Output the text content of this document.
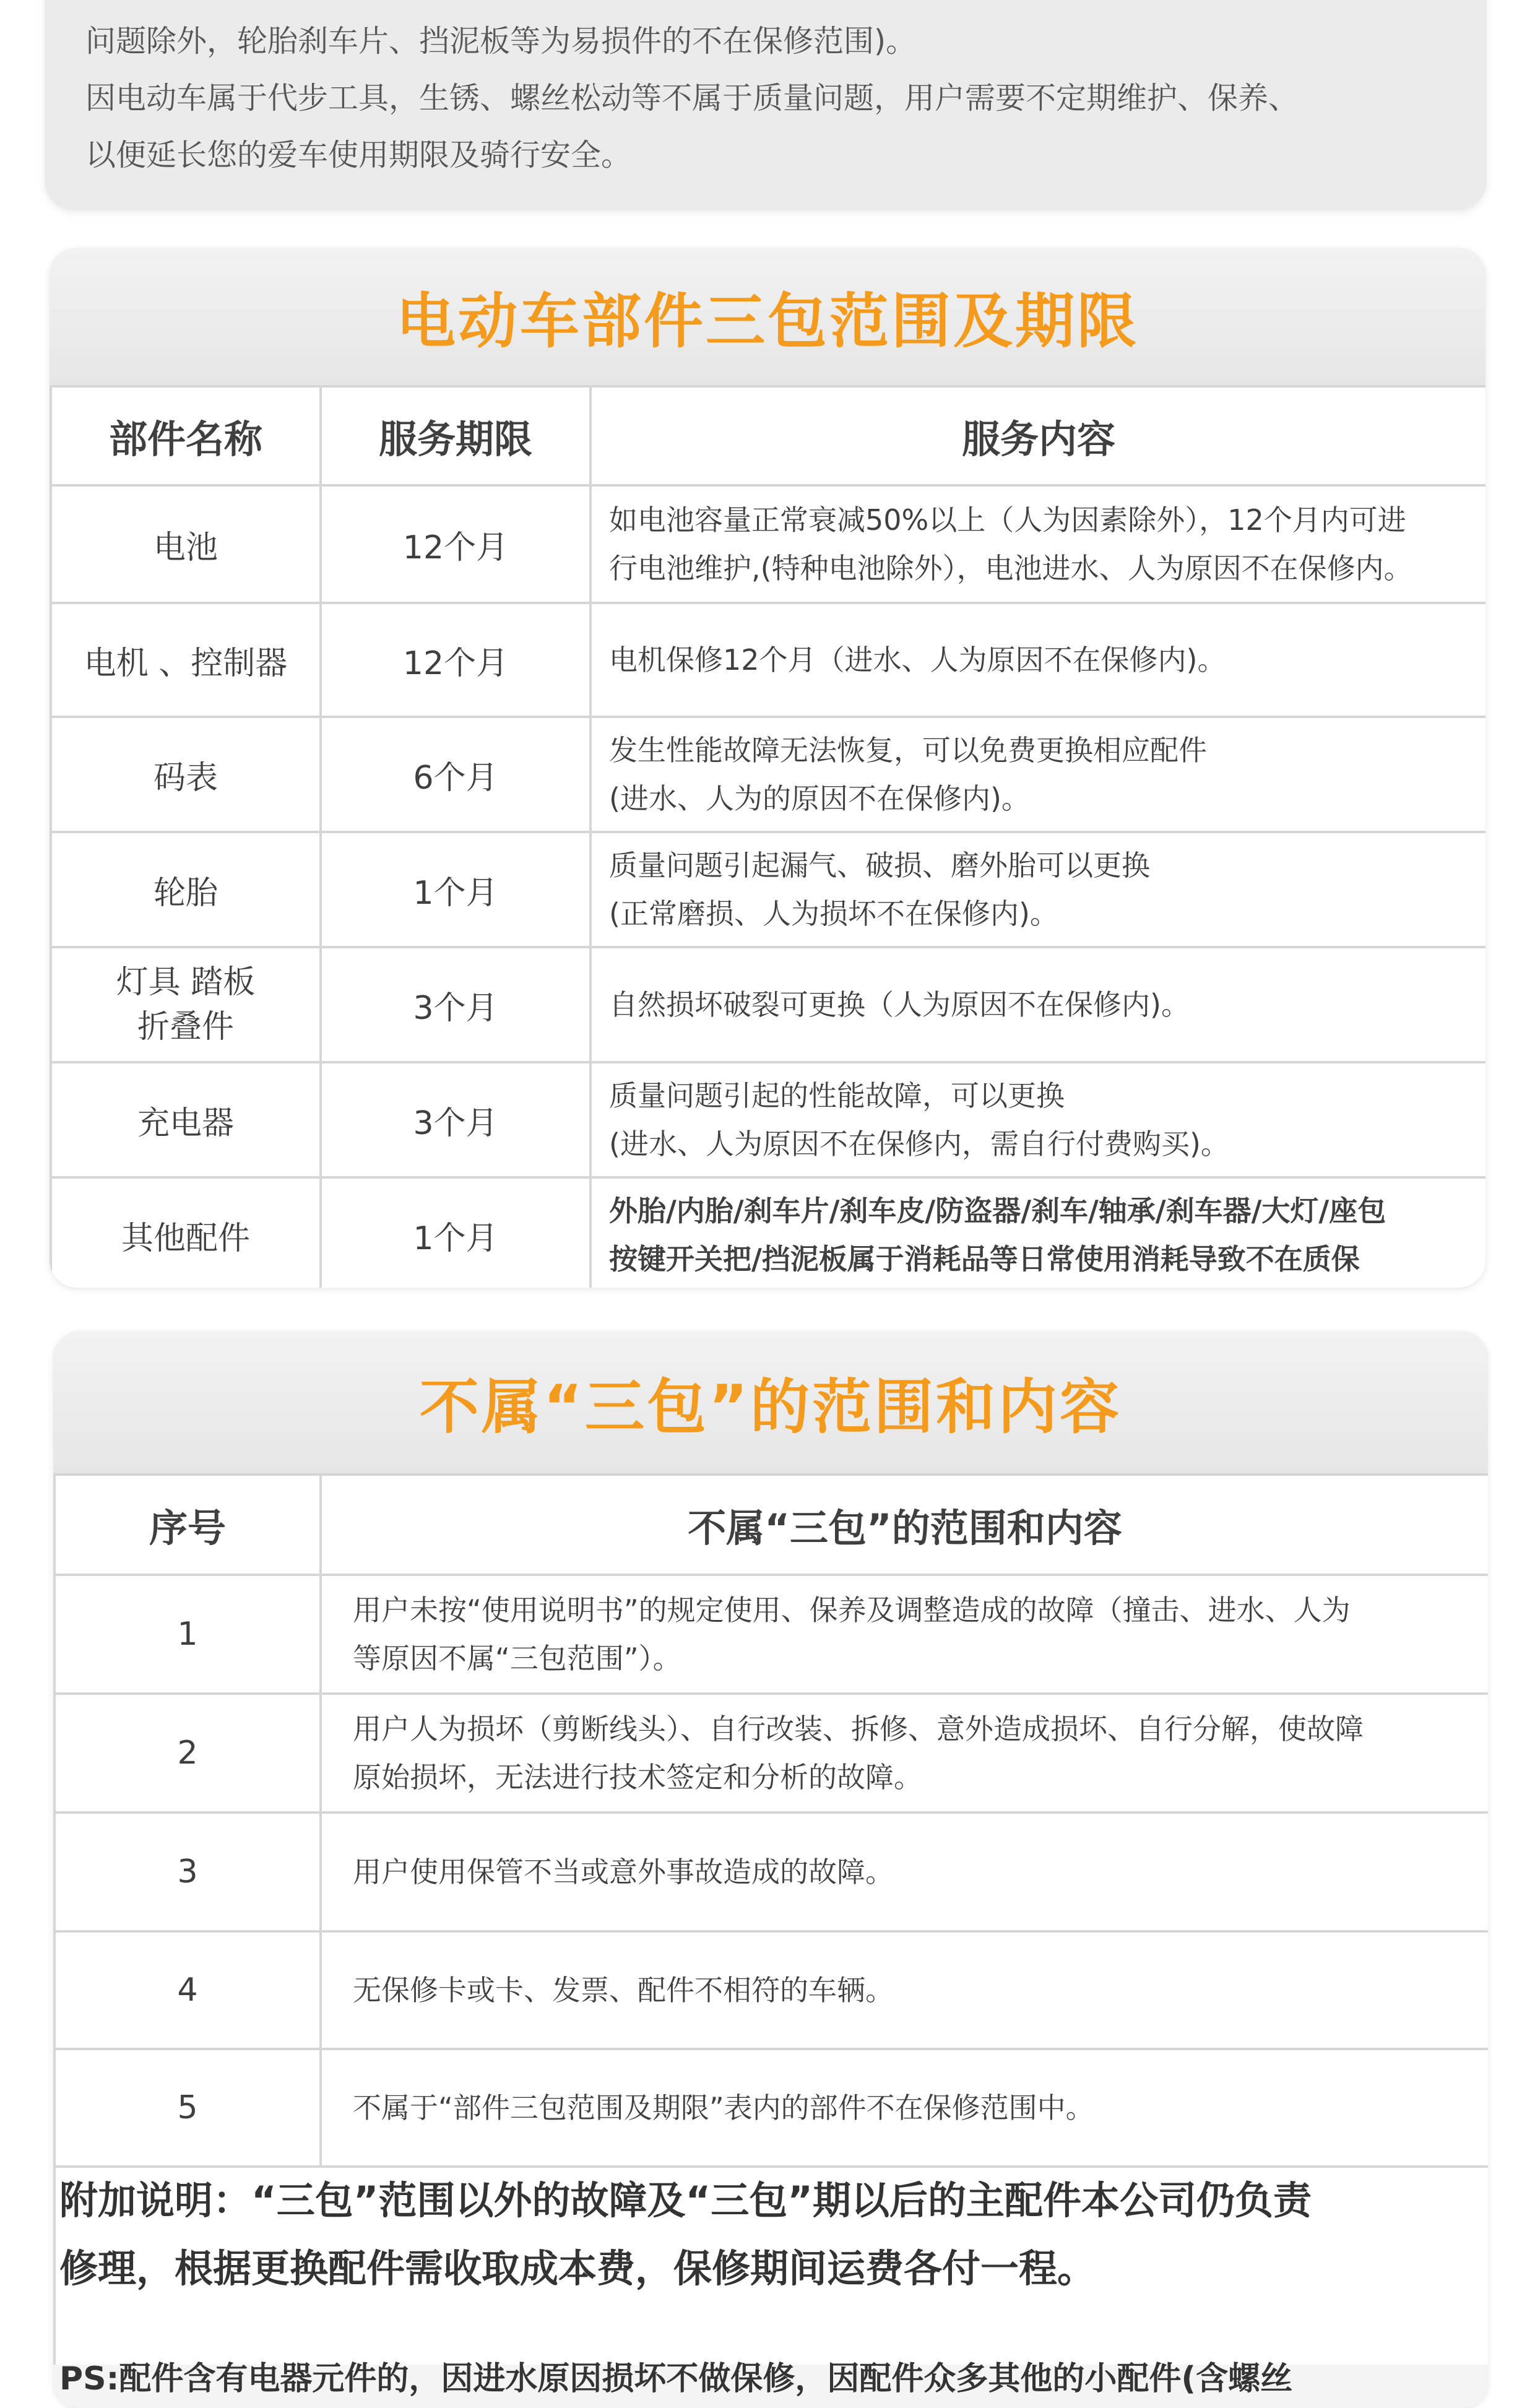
问题除外，轮胎刹车片、挡泥板等为易损件的不在保修范围)。

因电动车属于代步工具，生锈、螺丝松动等不属于质量问题，用户需要不定期维护、保养、

以便延长您的爱车使用期限及骑行安全。

电动车部件三包范围及期限
部件名称	服务期限	服务内容
电池	12个月	如电池容量正常衰减50%以上（人为因素除外），12个月内可进
行电池维护,(特种电池除外），电池进水、人为原因不在保修内。

电机 、控制器	12个月	电机保修12个月（进水、人为原因不在保修内)。

码表	6个月	发生性能故障无法恢复，可以免费更换相应配件
(进水、人为的原因不在保修内)。

轮胎	1个月	质量问题引起漏气、破损、磨外胎可以更换
(正常磨损、人为损坏不在保修内)。

灯具 踏板
折叠件	3个月	自然损坏破裂可更换（人为原因不在保修内)。

充电器	3个月	质量问题引起的性能故障，可以更换
(进水、人为原因不在保修内，需自行付费购买)。

其他配件	1个月	外胎/内胎/刹车片/刹车皮/防盗器/刹车/轴承/刹车器/大灯/座包
按键开关把/挡泥板属于消耗品等日常使用消耗导致不在质保
不属“三包”的范围和内容
序号	不属“三包”的范围和内容
1	用户未按“使用说明书”的规定使用、保养及调整造成的故障（撞击、进水、人为
等原因不属“三包范围”）。

2	用户人为损坏（剪断线头）、自行改装、拆修、意外造成损坏、自行分解，使故障
原始损坏，无法进行技术签定和分析的故障。

3	用户使用保管不当或意外事故造成的故障。
4	无保修卡或卡、发票、配件不相符的车辆。
5	不属于“部件三包范围及期限”表内的部件不在保修范围中。

附加说明：“三包”范围以外的故障及“三包”期以后的主配件本公司仍负责
修理，根据更换配件需收取成本费，保修期间运费各付一程。
PS:配件含有电器元件的，因进水原因损坏不做保修，因配件众多其他的小配件(含螺丝
